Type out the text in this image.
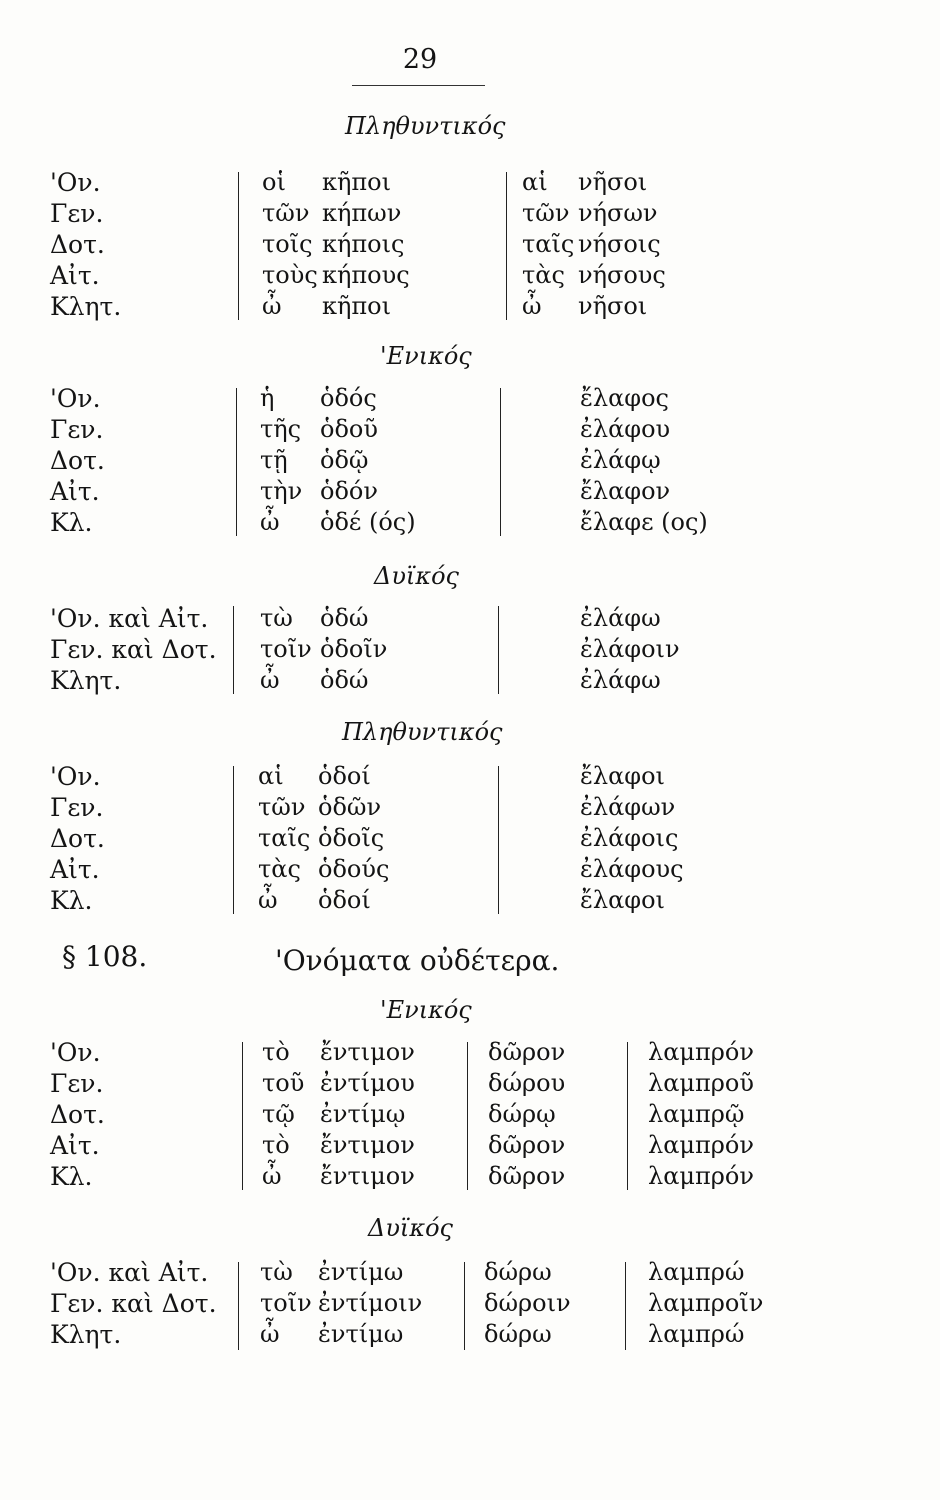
29
Πληθυντικός
'Ον.
Γεν.
Δοτ.
Αἰτ.
Κλητ.
οἱ
τῶν
τοῖς
τοὺς
ὦ
κῆποι
κήπων
κήποις
κήπους
κῆποι
αἱ
τῶν
ταῖς
τὰς
ὦ
νῆσοι
νήσων
νήσοις
νήσους
νῆσοι
'Ενικός
'Ον.
Γεν.
Δοτ.
Αἰτ.
Κλ.
ἡ
τῆς
τῇ
τὴν
ὦ
ὁδός
ὁδοῦ
ὁδῷ
ὁδόν
ὁδέ (ός)
ἔλαφος
ἐλάφου
ἐλάφῳ
ἔλαφον
ἔλαφε (ος)
Δυϊκός
'Ον. καὶ Αἰτ.
Γεν. καὶ Δοτ.
Κλητ.
τὼ
τοῖν
ὦ
ὁδώ
ὁδοῖν
ὁδώ
ἐλάφω
ἐλάφοιν
ἐλάφω
Πληθυντικός
'Ον.
Γεν.
Δοτ.
Αἰτ.
Κλ.
αἱ
τῶν
ταῖς
τὰς
ὦ
ὁδοί
ὁδῶν
ὁδοῖς
ὁδούς
ὁδοί
ἔλαφοι
ἐλάφων
ἐλάφοις
ἐλάφους
ἔλαφοι
'Ενικός
'Ον.
Γεν.
Δοτ.
Αἰτ.
Κλ.
τὸ
τοῦ
τῷ
τὸ
ὦ
ἔντιμον
ἐντίμου
ἐντίμῳ
ἔντιμον
ἔντιμον
δῶρον
δώρου
δώρῳ
δῶρον
δῶρον
λαμπρόν
λαμπροῦ
λαμπρῷ
λαμπρόν
λαμπρόν
Δυϊκός
'Ον. καὶ Αἰτ.
Γεν. καὶ Δοτ.
Κλητ.
τὼ
τοῖν
ὦ
ἐντίμω
ἐντίμοιν
ἐντίμω
δώρω
δώροιν
δώρω
λαμπρώ
λαμπροῖν
λαμπρώ
§ 108.	'Ονόματα οὐδέτερα.
